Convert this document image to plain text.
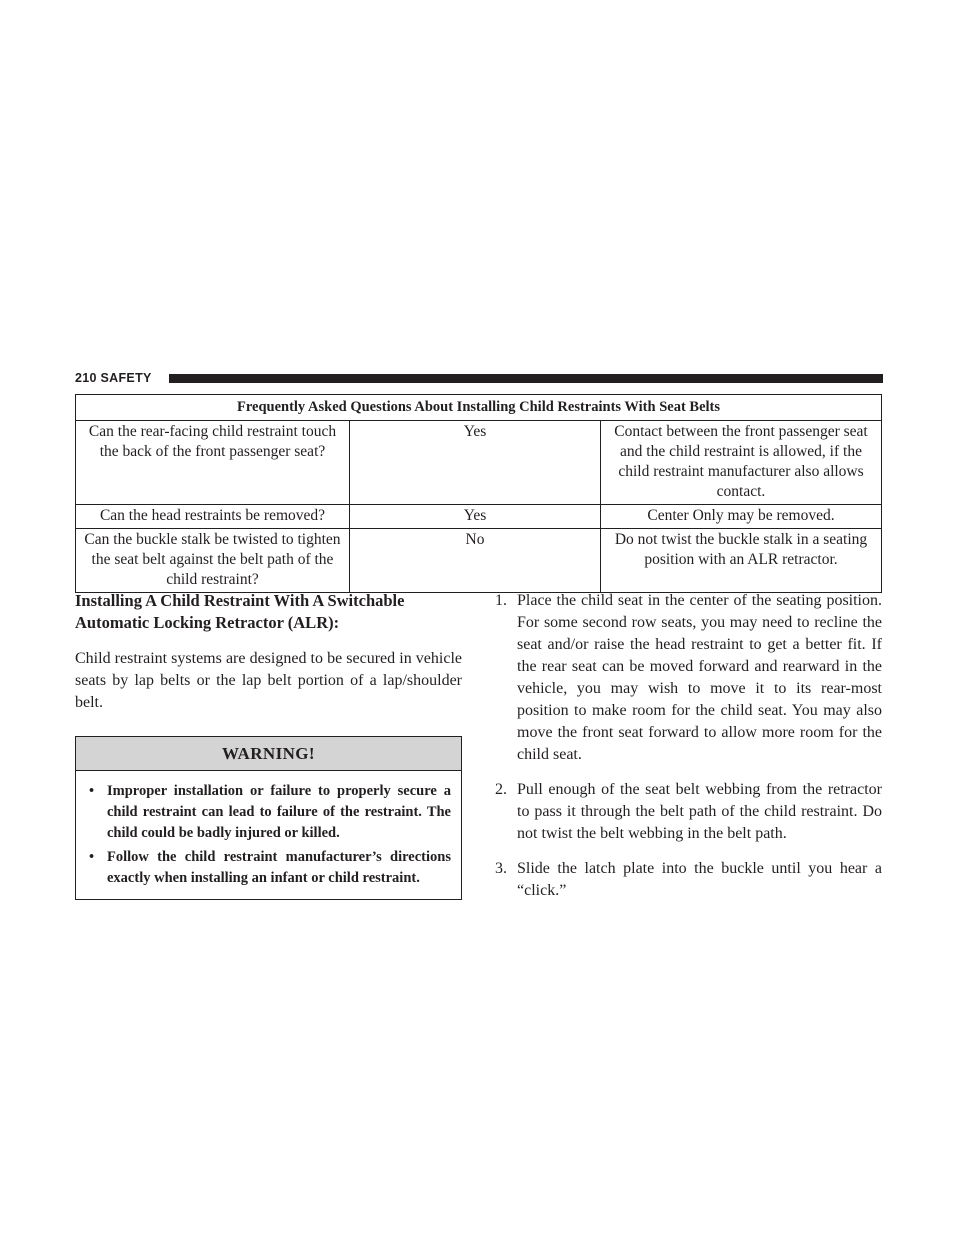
210 SAFETY
Frequently Asked Questions About Installing Child Restraints With Seat Belts		
Can the rear-facing child restraint touch the back of the front passenger seat?	Yes	Contact between the front passenger seat and the child restraint is allowed, if the child restraint manufacturer also allows contact.
Can the head restraints be removed?	Yes	Center Only may be removed.
Can the buckle stalk be twisted to tighten the seat belt against the belt path of the child restraint?	No	Do not twist the buckle stalk in a seating position with an ALR retractor.

Installing A Child Restraint With A Switchable Automatic Locking Retractor (ALR):

Child restraint systems are designed to be secured in vehicle seats by lap belts or the lap belt portion of a lap/shoulder belt.

WARNING!
• Improper installation or failure to properly secure a child restraint can lead to failure of the restraint. The child could be badly injured or killed.
• Follow the child restraint manufacturer’s directions exactly when installing an infant or child restraint.
1. Place the child seat in the center of the seating position. For some second row seats, you may need to recline the seat and/or raise the head restraint to get a better fit. If the rear seat can be moved forward and rearward in the vehicle, you may wish to move it to its rear-most position to make room for the child seat. You may also move the front seat forward to allow more room for the child seat.
2. Pull enough of the seat belt webbing from the retractor to pass it through the belt path of the child restraint. Do not twist the belt webbing in the belt path.
3. Slide the latch plate into the buckle until you hear a “click.”
